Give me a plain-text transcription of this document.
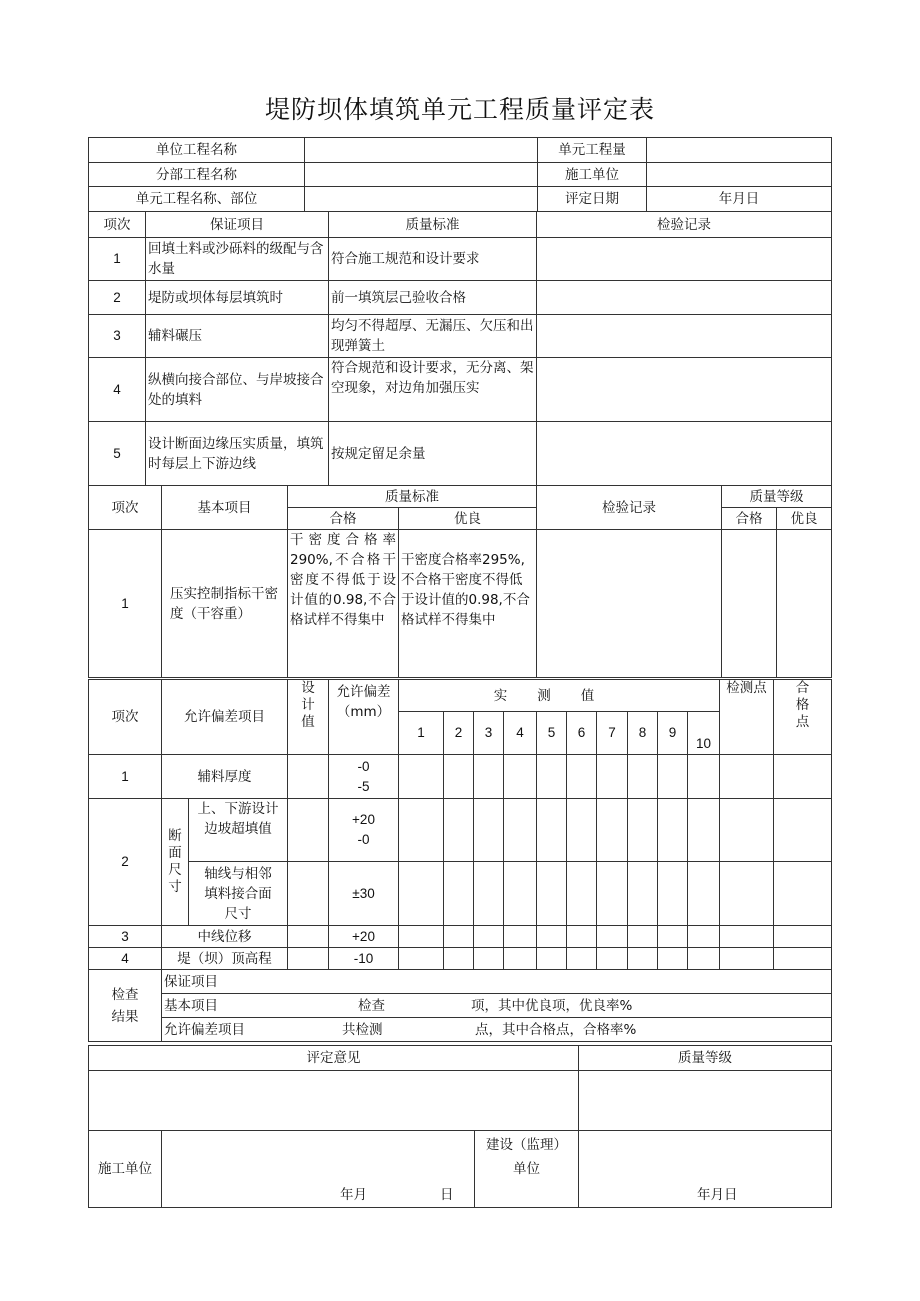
堤防坝体填筑单元工程质量评定表
单位工程名称		单元工程量	
分部工程名称		施工单位	
单元工程名称、部位		评定日期	年月日
项次	保证项目	质量标准	检验记录
1	回填土料或沙砾料的级配与含水量	符合施工规范和设计要求	
2	堤防或坝体每层填筑时	前一填筑层己验收合格	
3	辅料碾压	均匀不得超厚、无漏压、欠压和出现弹簧土	
4	纵横向接合部位、与岸坡接合处的填料	符合规范和设计要求，无分离、架空现象，对边角加强压实	
5	设计断面边缘压实质量，填筑时每层上下游边线	按规定留足余量	
项次	基本项目	质量标准		检验记录	质量等级	
		合格	优良		合格	优良
1	压实控制指标干密度（干容重）	干密度合格率290%,不合格干密度不得低于设计值的0.98,不合格试样不得集中	干密度合格率295%,不合格干密度不得低于设计值的0.98,不合格试样不得集中			
项次	允许偏差项目		设计值	允许偏差（mm）	实测值										检测点	合格点

					1	2	3	4	5	6	7	8	9	10		
1	辅料厚度			-0
-5												

2	断面尺寸	上、下游设计边坡超填值		+20
-0												

		轴线与相邻填料接合面尺寸		±30												
3	中线位移			+20												
4	堤（坝）顶高程			-10												
检查结果
	保证项目
基本项目	检查	项，其中优良项，优良率%
允许偏差项目	共检测	点，其中合格点，合格率%
评定意见			质量等级

施工单位	年月 日	建设（监理）单位	年月日
